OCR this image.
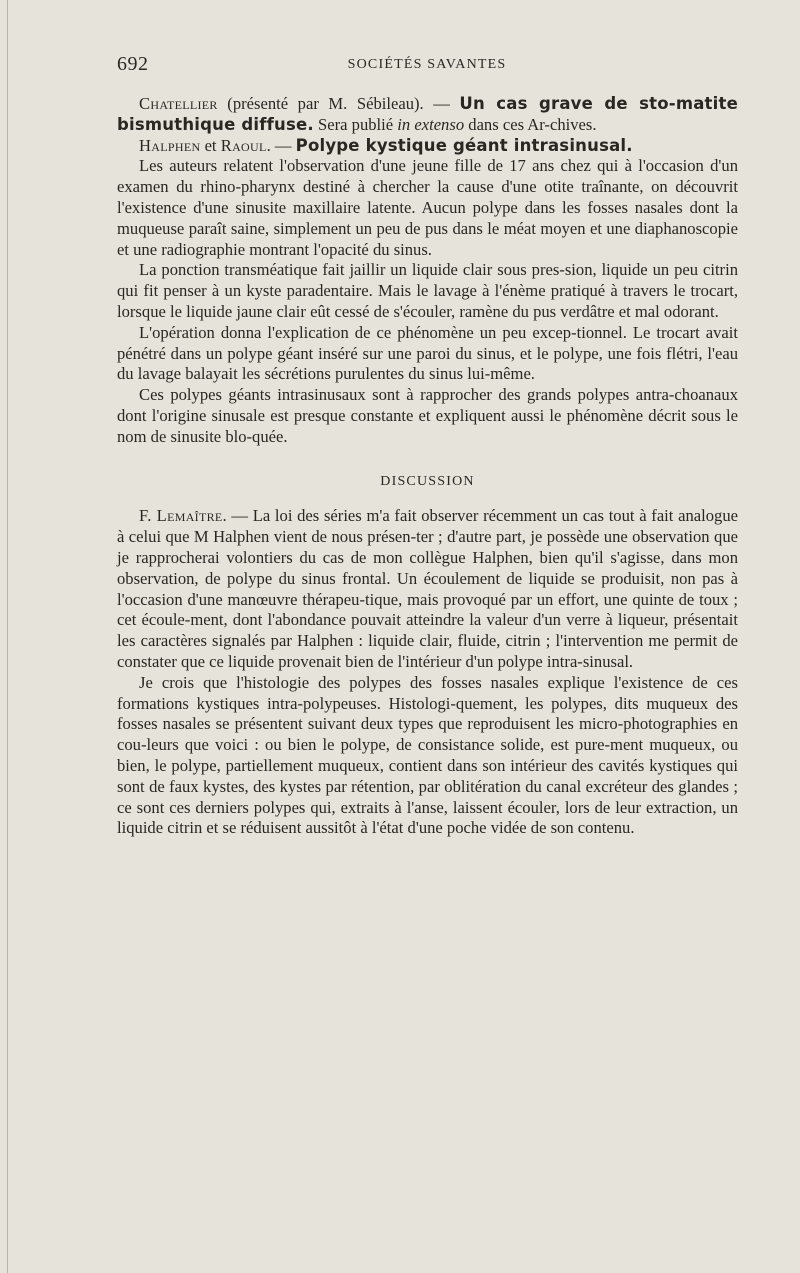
692	SOCIÉTÉS SAVANTES

Chatellier (présenté par M. Sébileau). — Un cas grave de sto-matite bismuthique diffuse. Sera publié in extenso dans ces Ar-chives.

Halphen et Raoul. — Polype kystique géant intrasinusal.

Les auteurs relatent l'observation d'une jeune fille de 17 ans chez qui à l'occasion d'un examen du rhino-pharynx destiné à chercher la cause d'une otite traînante, on découvrit l'existence d'une sinusite maxillaire latente. Aucun polype dans les fosses nasales dont la muqueuse paraît saine, simplement un peu de pus dans le méat moyen et une diaphanoscopie et une radiographie montrant l'opacité du sinus.

La ponction transméatique fait jaillir un liquide clair sous pres-sion, liquide un peu citrin qui fit penser à un kyste paradentaire. Mais le lavage à l'énème pratiqué à travers le trocart, lorsque le liquide jaune clair eût cessé de s'écouler, ramène du pus verdâtre et mal odorant.

L'opération donna l'explication de ce phénomène un peu excep-tionnel. Le trocart avait pénétré dans un polype géant inséré sur une paroi du sinus, et le polype, une fois flétri, l'eau du lavage balayait les sécrétions purulentes du sinus lui-même.

Ces polypes géants intrasinusaux sont à rapprocher des grands polypes antra-choanaux dont l'origine sinusale est presque constante et expliquent aussi le phénomène décrit sous le nom de sinusite blo-quée.

DISCUSSION

F. Lemaître. — La loi des séries m'a fait observer récemment un cas tout à fait analogue à celui que M Halphen vient de nous présen-ter ; d'autre part, je possède une observation que je rapprocherai volontiers du cas de mon collègue Halphen, bien qu'il s'agisse, dans mon observation, de polype du sinus frontal. Un écoulement de liquide se produisit, non pas à l'occasion d'une manœuvre thérapeu-tique, mais provoqué par un effort, une quinte de toux ; cet écoule-ment, dont l'abondance pouvait atteindre la valeur d'un verre à liqueur, présentait les caractères signalés par Halphen : liquide clair, fluide, citrin ; l'intervention me permit de constater que ce liquide provenait bien de l'intérieur d'un polype intra-sinusal.

Je crois que l'histologie des polypes des fosses nasales explique l'existence de ces formations kystiques intra-polypeuses. Histologi-quement, les polypes, dits muqueux des fosses nasales se présentent suivant deux types que reproduisent les micro-photographies en cou-leurs que voici : ou bien le polype, de consistance solide, est pure-ment muqueux, ou bien, le polype, partiellement muqueux, contient dans son intérieur des cavités kystiques qui sont de faux kystes, des kystes par rétention, par oblitération du canal excréteur des glandes ; ce sont ces derniers polypes qui, extraits à l'anse, laissent écouler, lors de leur extraction, un liquide citrin et se réduisent aussitôt à l'état d'une poche vidée de son contenu.
